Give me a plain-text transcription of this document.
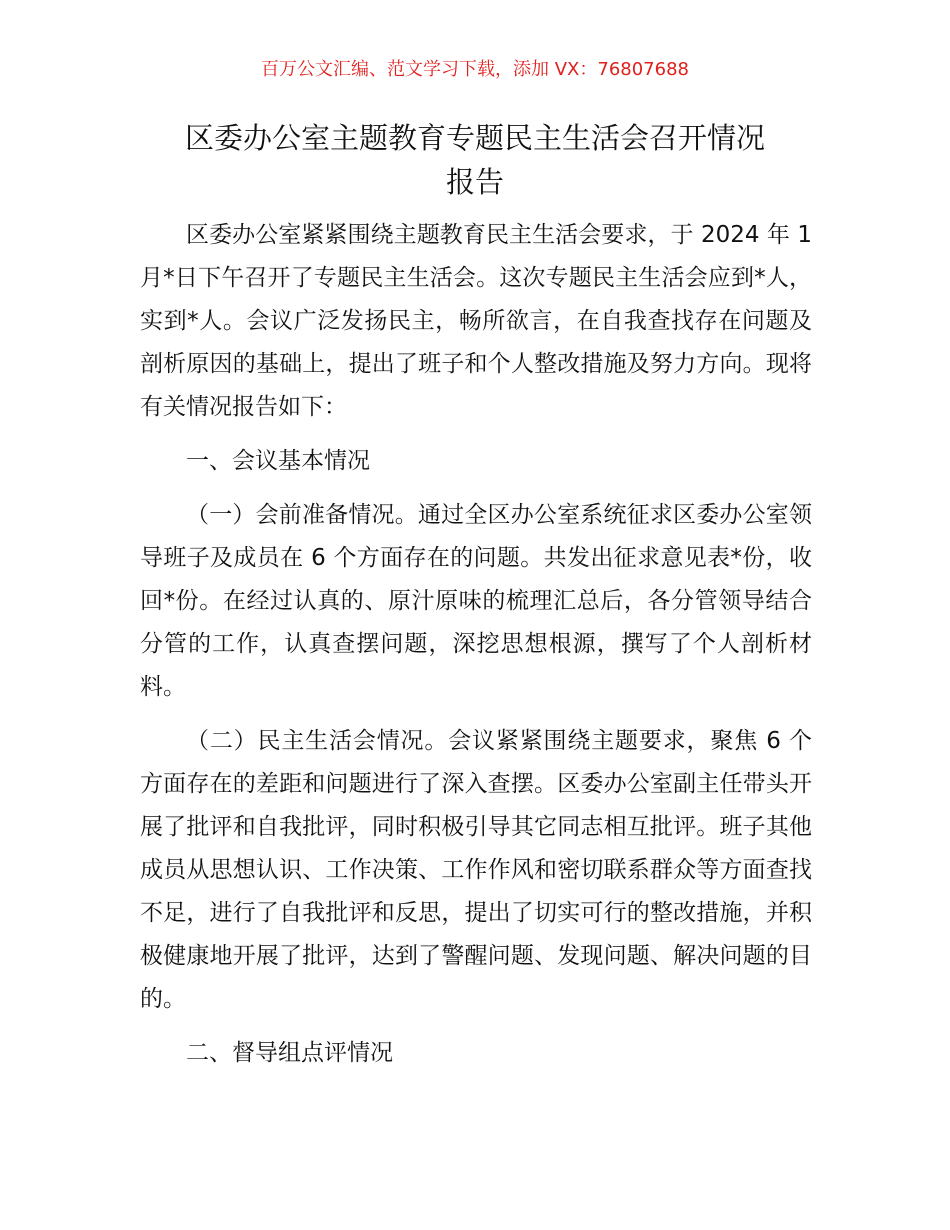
百万公文汇编、范文学习下载，添加 VX：76807688
区委办公室主题教育专题民主生活会召开情况
报告

区委办公室紧紧围绕主题教育民主生活会要求，于 2024 年 1 月*日下午召开了专题民主生活会。这次专题民主生活会应到*人，实到*人。会议广泛发扬民主，畅所欲言，在自我查找存在问题及剖析原因的基础上，提出了班子和个人整改措施及努力方向。现将有关情况报告如下：

一、会议基本情况

（一）会前准备情况。通过全区办公室系统征求区委办公室领导班子及成员在 6 个方面存在的问题。共发出征求意见表*份，收回*份。在经过认真的、原汁原味的梳理汇总后，各分管领导结合分管的工作，认真查摆问题，深挖思想根源，撰写了个人剖析材料。

（二）民主生活会情况。会议紧紧围绕主题要求，聚焦 6 个方面存在的差距和问题进行了深入查摆。区委办公室副主任带头开展了批评和自我批评，同时积极引导其它同志相互批评。班子其他成员从思想认识、工作决策、工作作风和密切联系群众等方面查找不足，进行了自我批评和反思，提出了切实可行的整改措施，并积极健康地开展了批评，达到了警醒问题、发现问题、解决问题的目的。

二、督导组点评情况
